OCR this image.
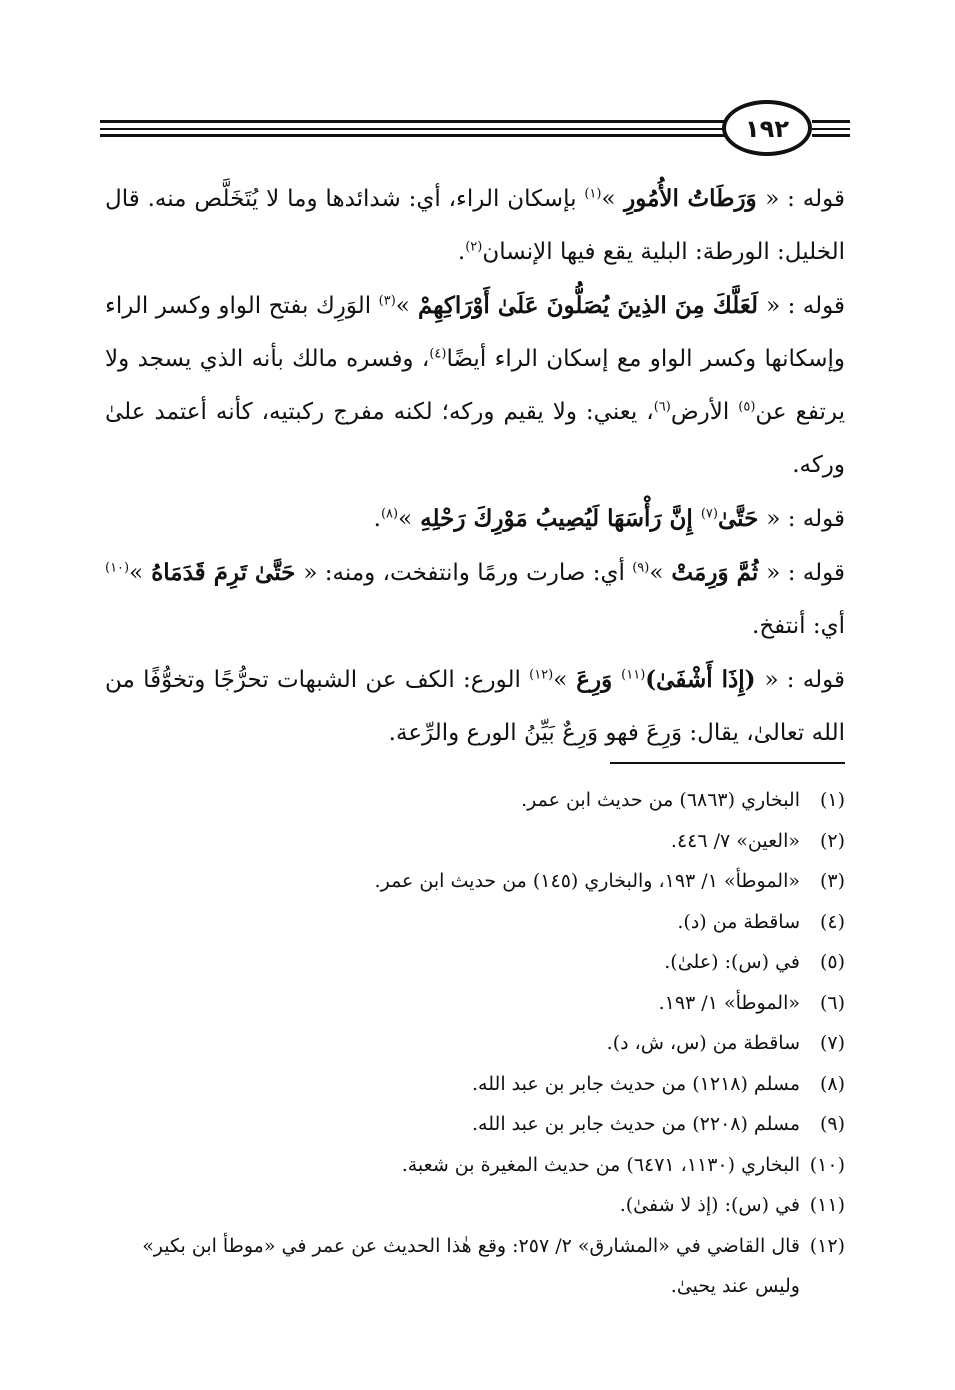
١٩٢

قوله : « وَرَطَاتُ الأُمُورِ »$^{(١)}$ بإسكان الراء، أي: شدائدها وما لا يُتَخَلَّص منه. قال الخليل: الورطة: البلية يقع فيها الإنسان$^{(٢)}$.

قوله : « لَعَلَّكَ مِنَ الذِينَ يُصَلُّونَ عَلَىٰ أَوْرَاكِهِمْ »$^{(٣)}$ الوَرِك بفتح الواو وكسر الراء وإسكانها وكسر الواو مع إسكان الراء أيضًا$^{(٤)}$، وفسره مالك بأنه الذي يسجد ولا يرتفع عن$^{(٥)}$ الأرض$^{(٦)}$، يعني: ولا يقيم وركه؛ لكنه مفرج ركبتيه، كأنه أعتمد علىٰ وركه.

قوله : « حَتَّىٰ$^{(٧)}$ إِنَّ رَأْسَهَا لَيُصِيبُ مَوْرِكَ رَحْلِهِ »$^{(٨)}$.

قوله : « ثُمَّ وَرِمَتْ »$^{(٩)}$ أي: صارت ورمًا وانتفخت، ومنه: « حَتَّىٰ تَرِمَ قَدَمَاهُ »$^{(١٠)}$ أي: أنتفخ.

قوله : « (إِذَا أَشْفَىٰ)$^{(١١)}$ وَرِعَ »$^{(١٢)}$ الورع: الكف عن الشبهات تحرُّجًا وتخوُّفًا من الله تعالىٰ، يقال: وَرِعَ فهو وَرِعٌ بَيِّنُ الورع والرِّعة.

(١)
البخاري (٦٨٦٣) من حديث ابن عمر.
(٢)
«العين» ٧/ ٤٤٦.
(٣)
«الموطأ» ١/ ١٩٣، والبخاري (١٤٥) من حديث ابن عمر.
(٤)
ساقطة من (د).
(٥)
في (س): (علىٰ).
(٦)
«الموطأ» ١/ ١٩٣.
(٧)
ساقطة من (س، ش، د).
(٨)
مسلم (١٢١٨) من حديث جابر بن عبد الله.
(٩)
مسلم (٢٢٠٨) من حديث جابر بن عبد الله.
(١٠)
البخاري (١١٣٠، ٦٤٧١) من حديث المغيرة بن شعبة.
(١١)
في (س): (إذ لا شفىٰ).
(١٢)
قال القاضي في «المشارق» ٢/ ٢٥٧: وقع هٰذا الحديث عن عمر في «موطأ ابن بكير» وليس عند يحيىٰ.
